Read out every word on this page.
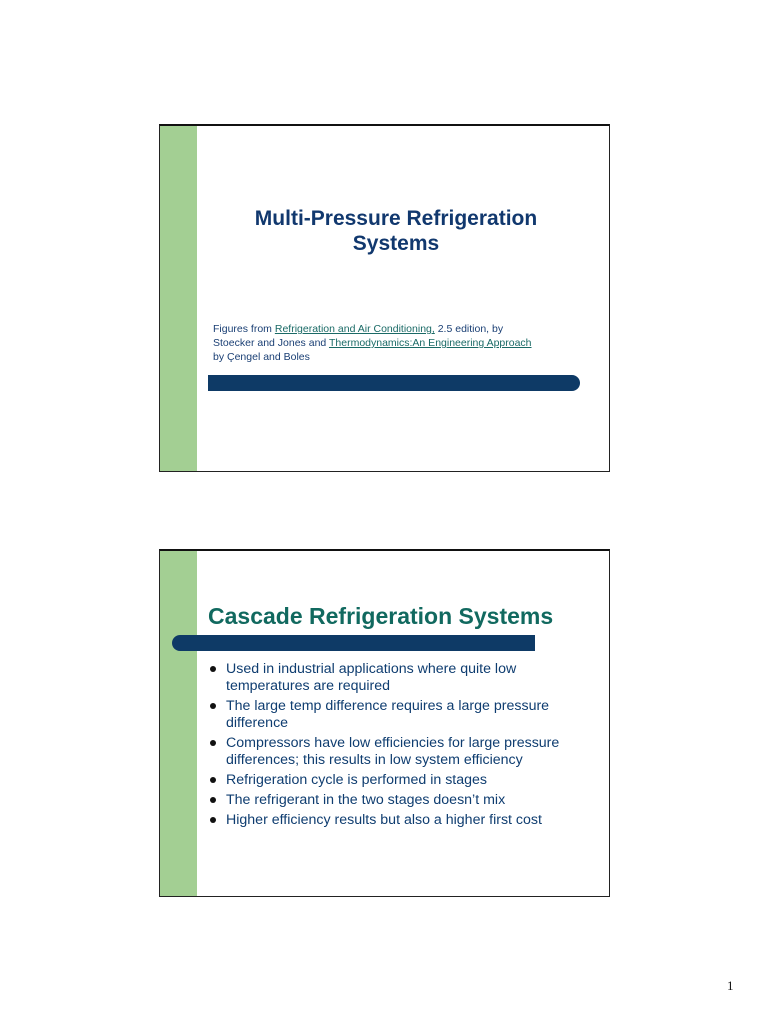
Multi-Pressure Refrigeration
Systems
Figures from Refrigeration and Air Conditioning, 2.5 edition, by
Stoecker and Jones and Thermodynamics:An Engineering Approach
by Çengel and Boles
Cascade Refrigeration Systems
Used in industrial applications where quite low
temperatures are required
The large temp difference requires a large pressure
difference
Compressors have low efficiencies for large pressure
differences; this results in low system efficiency
Refrigeration cycle is performed in stages
The refrigerant in the two stages doesn’t mix
Higher efficiency results but also a higher first cost
1
